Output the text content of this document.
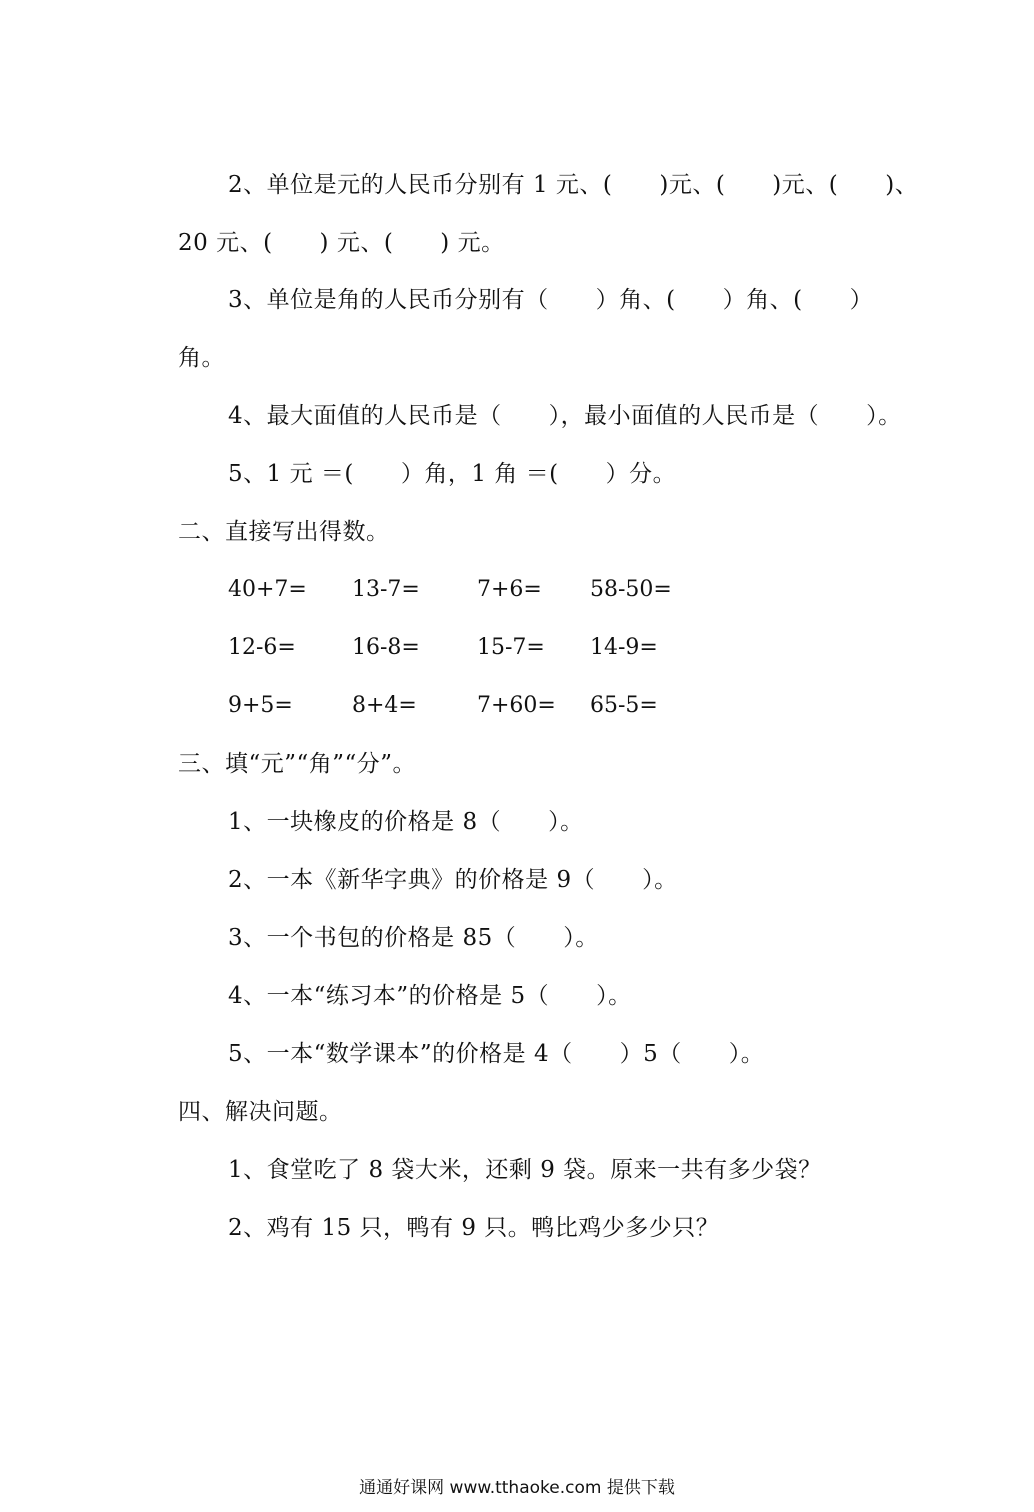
2、单位是元的人民币分别有 1 元、(　　)元、(　　)元、(　　)、
20 元、(　　) 元、(　　) 元。
3、单位是角的人民币分别有（　　）角、(　　）角、(　　）
角。
4、最大面值的人民币是（　　），最小面值的人民币是（　　）。
5、1 元 ＝(　　）角，1 角 ＝(　　）分。
二、直接写出得数。
40+7= 13-7=	7+6= 58-50=
12-6=	16-8=	15-7= 14-9=
9+5=	8+4=	7+60= 65-5=
三、填“元”“角”“分”。
1、一块橡皮的价格是 8（　　）。
2、一本《新华字典》的价格是 9（　　）。
3、一个书包的价格是 85（　　）。
4、一本“练习本”的价格是 5（　　）。
5、一本“数学课本”的价格是 4（　　）5（　　）。
四、解决问题。
1、食堂吃了 8 袋大米，还剩 9 袋。原来一共有多少袋？
2、鸡有 15 只，鸭有 9 只。鸭比鸡少多少只？
通通好课网 www.tthaoke.com 提供下载
